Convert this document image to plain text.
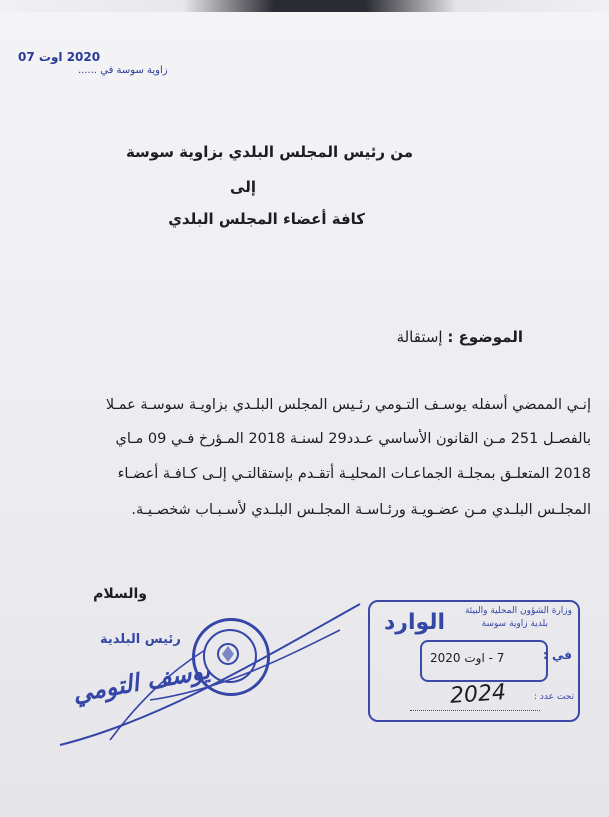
2020 اوت 07
زاوية سوسة في ......
من رئيس المجلس البلدي بزاوية سوسة
إلى
كافة أعضاء المجلس البلدي
الموضوع : إستقالة
إنـي الممضي أسفله يوسـف التـومي رئـيس المجلس البلـدي بزاويـة سوسـة عمـلا
بالفصـل 251 مـن القانون الأساسي عـدد29 لسنـة 2018 المـؤرخ فـي 09 مـاي
2018 المتعلـق بمجلـة الجماعـات المحليـة أتقـدم بإستقالتـي إلـى كـافـة أعضـاء
المجلـس البلـدي مـن عضـويـة ورئـاسـة المجلـس البلـدي لأسـبـاب شخصـيـة.
والسلام
رئيس البلدية
يوسف التومي
وزارة الشؤون المحلية والبيئة
بلدية زاوية سوسة
الوارد
في :
7 - اوت 2020
تحت عدد :
2024
